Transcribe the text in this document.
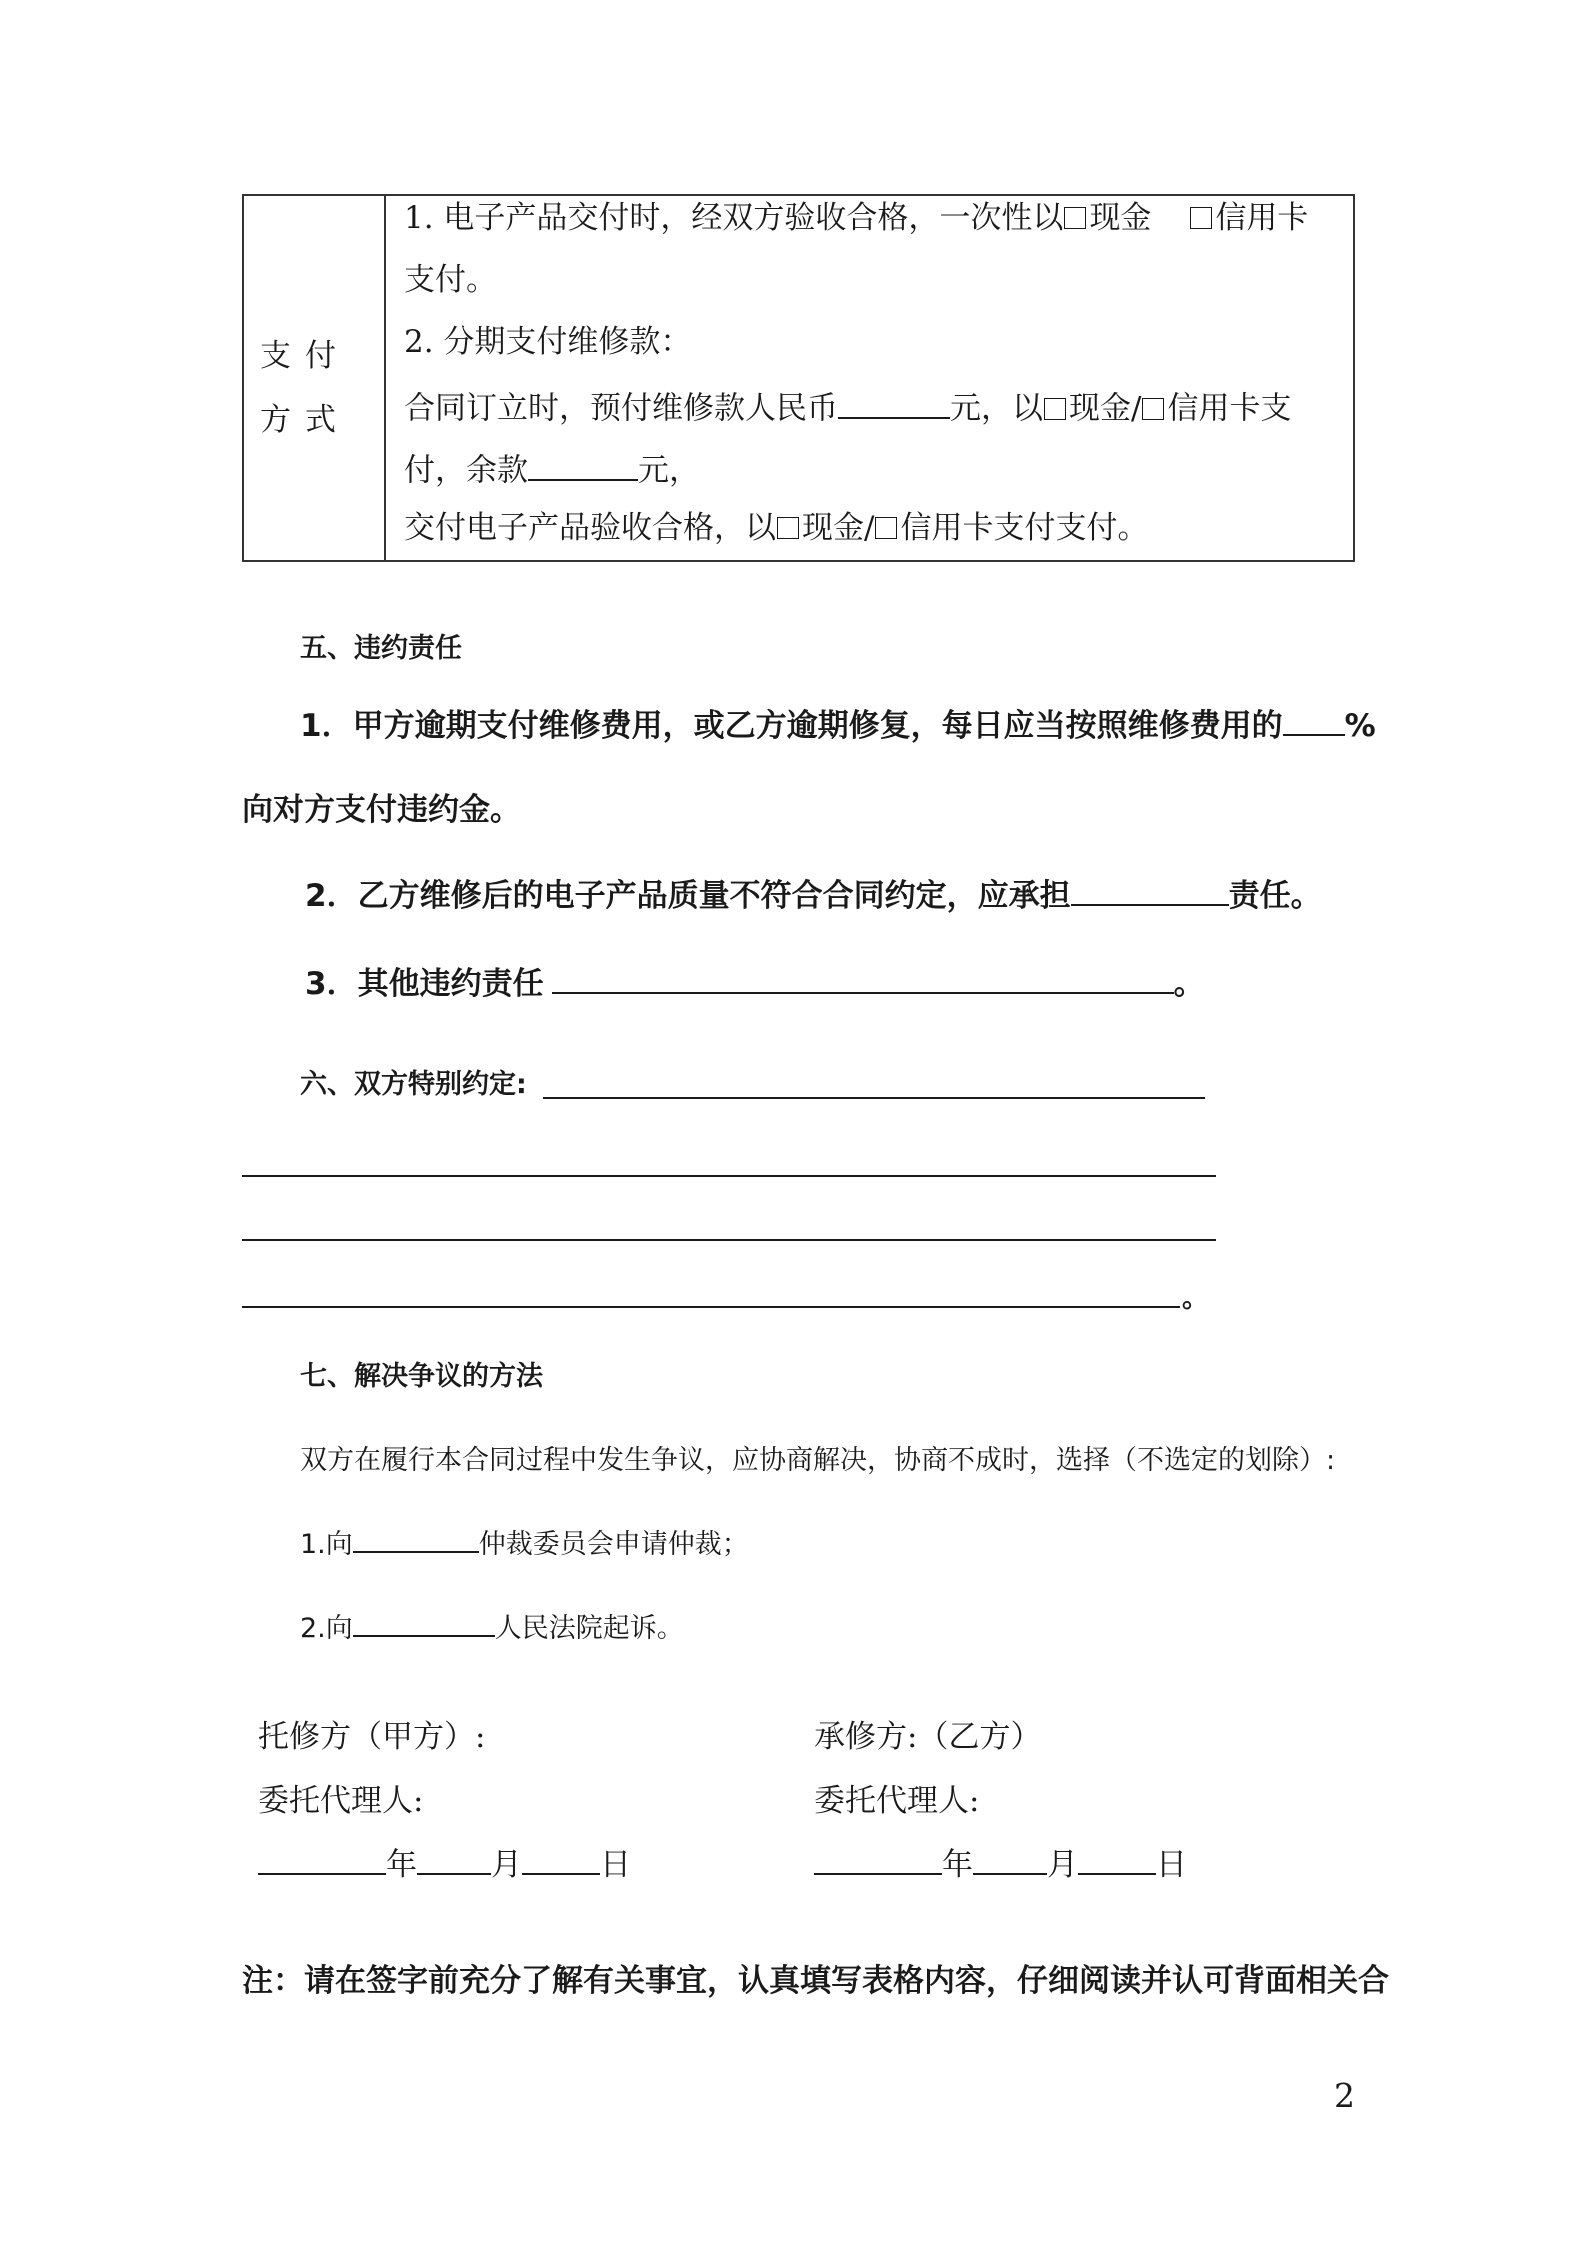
支付方式
1. 电子产品交付时，经双方验收合格，一次性以 现金 信用卡
支付。
2. 分期支付维修款：
合同订立时，预付维修款人民币	元，以 现金/ 信用卡支
付，余款	元，
交付电子产品验收合格，以 现金/ 信用卡支付支付。
五、违约责任
1．甲方逾期支付维修费用，或乙方逾期修复，每日应当按照维修费用的 %
向对方支付违约金。
2．乙方维修后的电子产品质量不符合合同约定，应承担	责任。
3．其他违约责任	。
六、双方特别约定:
。
七、解决争议的方法
双方在履行本合同过程中发生争议，应协商解决，协商不成时，选择（不选定的划除）:
1.向	仲裁委员会申请仲裁；
2.向	人民法院起诉。
托修方（甲方）:	承修方:（乙方）
委托代理人:	委托代理人:
年 月	日	年 月	日
注：请在签字前充分了解有关事宜，认真填写表格内容，仔细阅读并认可背面相关合
2
